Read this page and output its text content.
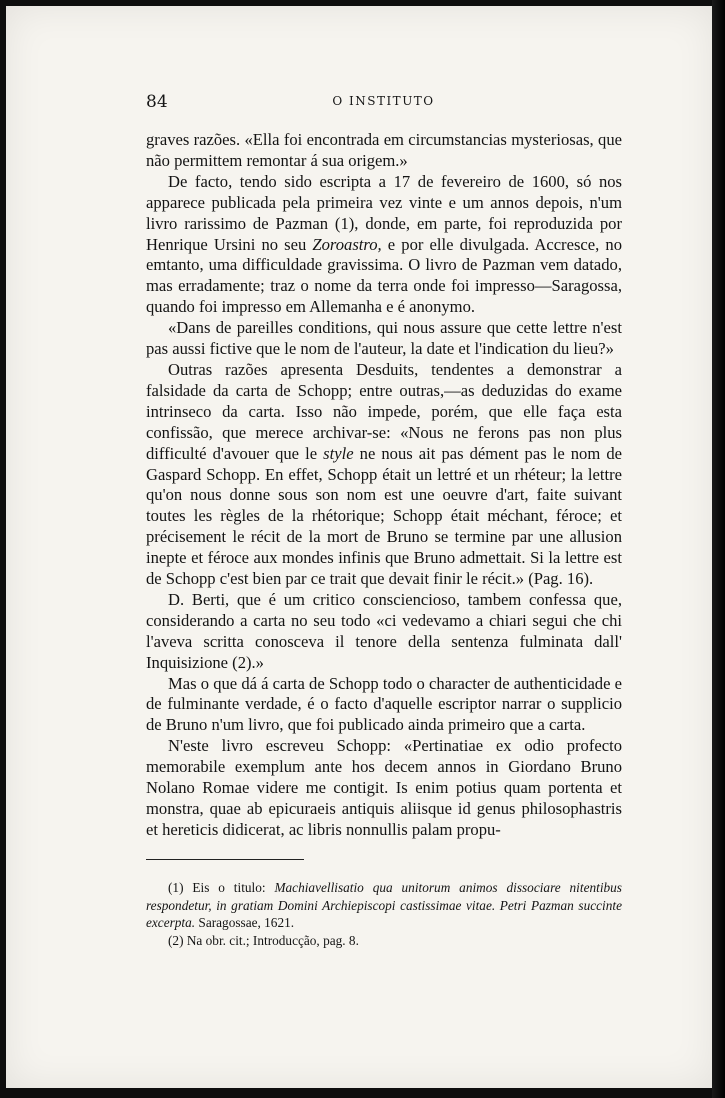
84	O INSTITUTO

graves razões. «Ella foi encontrada em circumstancias mysteriosas, que não permittem remontar á sua origem.»

De facto, tendo sido escripta a 17 de fevereiro de 1600, só nos apparece publicada pela primeira vez vinte e um annos depois, n'um livro rarissimo de Pazman (1), donde, em parte, foi reproduzida por Henrique Ursini no seu Zoroastro, e por elle divulgada. Accresce, no emtanto, uma difficuldade gravissima. O livro de Pazman vem datado, mas erradamente; traz o nome da terra onde foi impresso—Saragossa, quando foi impresso em Allemanha e é anonymo.

«Dans de pareilles conditions, qui nous assure que cette lettre n'est pas aussi fictive que le nom de l'auteur, la date et l'indication du lieu?»

Outras razões apresenta Desduits, tendentes a demonstrar a falsidade da carta de Schopp; entre outras,—as deduzidas do exame intrinseco da carta. Isso não impede, porém, que elle faça esta confissão, que merece archivar-se: «Nous ne ferons pas non plus difficulté d'avouer que le style ne nous ait pas dément pas le nom de Gaspard Schopp. En effet, Schopp était un lettré et un rhéteur; la lettre qu'on nous donne sous son nom est une oeuvre d'art, faite suivant toutes les règles de la rhétorique; Schopp était méchant, féroce; et précisement le récit de la mort de Bruno se termine par une allusion inepte et féroce aux mondes infinis que Bruno admettait. Si la lettre est de Schopp c'est bien par ce trait que devait finir le récit.» (Pag. 16).

D. Berti, que é um critico consciencioso, tambem confessa que, considerando a carta no seu todo «ci vedevamo a chiari segui che chi l'aveva scritta conosceva il tenore della sentenza fulminata dall' Inquisizione (2).»

Mas o que dá á carta de Schopp todo o character de authenticidade e de fulminante verdade, é o facto d'aquelle escriptor narrar o supplicio de Bruno n'um livro, que foi publicado ainda primeiro que a carta.

N'este livro escreveu Schopp: «Pertinatiae ex odio profecto memorabile exemplum ante hos decem annos in Giordano Bruno Nolano Romae videre me contigit. Is enim potius quam portenta et monstra, quae ab epicuraeis antiquis aliisque id genus philosophastris et hereticis didicerat, ac libris nonnullis palam propu-

(1) Eis o titulo: Machiavellisatio qua unitorum animos dissociare nitentibus respondetur, in gratiam Domini Archiepiscopi castissimae vitae. Petri Pazman succinte excerpta. Saragossae, 1621.

(2) Na obr. cit.; Introducção, pag. 8.
